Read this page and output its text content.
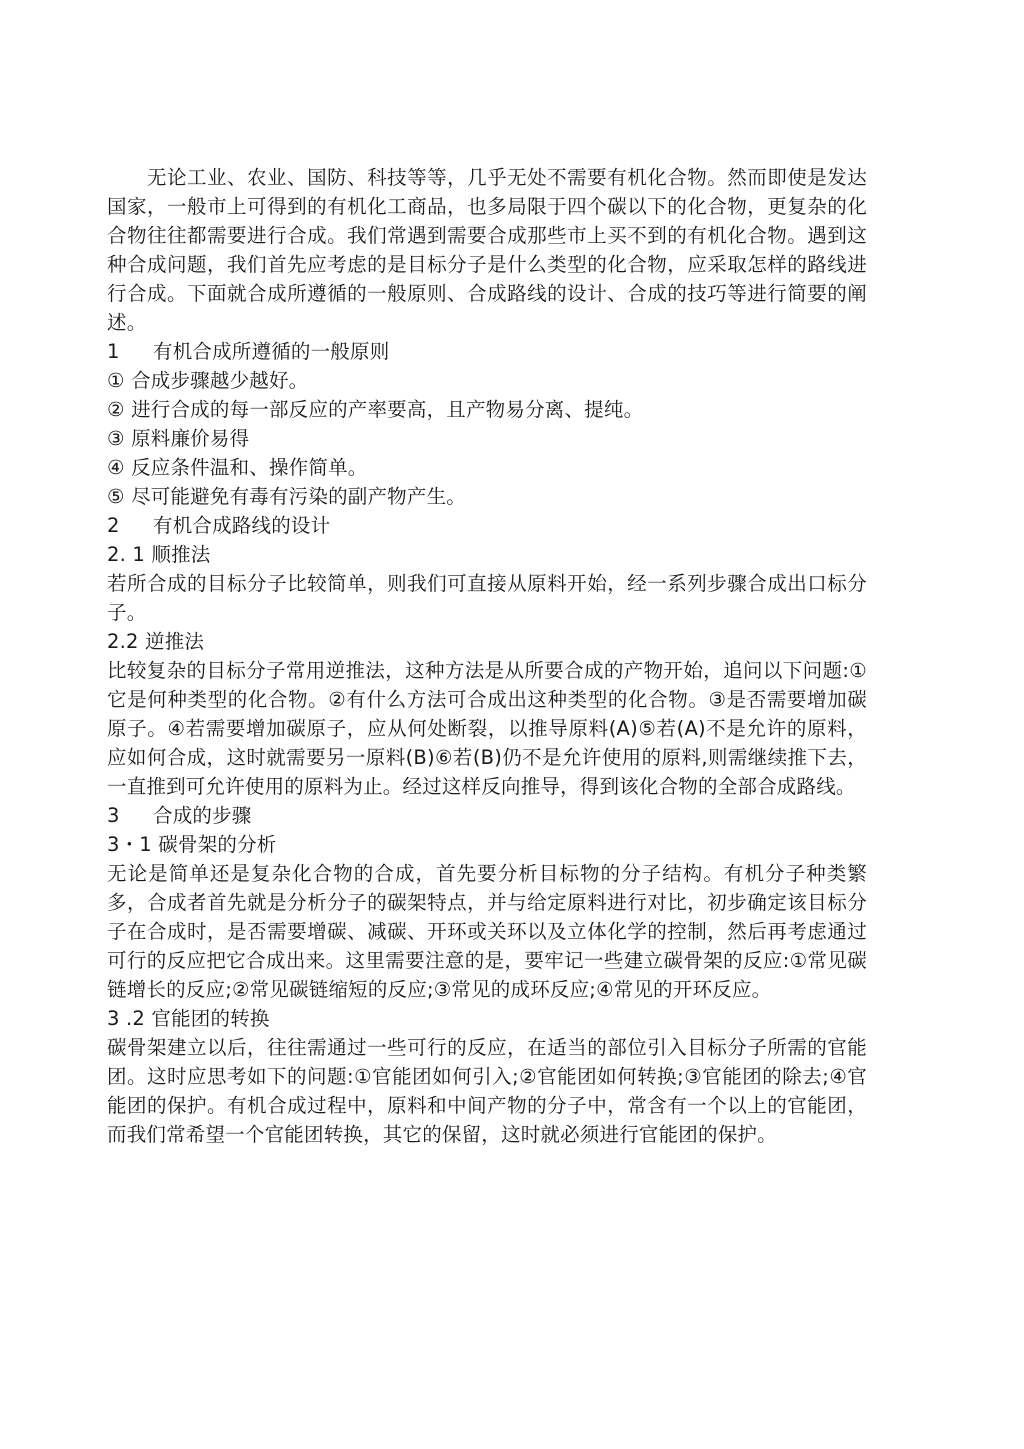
无论工业、农业、国防、科技等等，几乎无处不需要有机化合物。然而即使是发达国家，一般市上可得到的有机化工商品，也多局限于四个碳以下的化合物，更复杂的化合物往往都需要进行合成。我们常遇到需要合成那些市上买不到的有机化合物。遇到这种合成问题，我们首先应考虑的是目标分子是什么类型的化合物，应采取怎样的路线进行合成。下面就合成所遵循的一般原则、合成路线的设计、合成的技巧等进行简要的阐述。

1 有机合成所遵循的一般原则
① 合成步骤越少越好。
② 进行合成的每一部反应的产率要高，且产物易分离、提纯。
③ 原料廉价易得
④ 反应条件温和、操作简单。
⑤ 尽可能避免有毒有污染的副产物产生。
2 有机合成路线的设计
2. 1 顺推法

若所合成的目标分子比较简单，则我们可直接从原料开始，经一系列步骤合成出口标分子。

2.2 逆推法

比较复杂的目标分子常用逆推法，这种方法是从所要合成的产物开始，追问以下问题:①它是何种类型的化合物。②有什么方法可合成出这种类型的化合物。③是否需要增加碳原子。④若需要增加碳原子，应从何处断裂，以推导原料(A)⑤若(A)不是允许的原料，应如何合成，这时就需要另一原料(B)⑥若(B)仍不是允许使用的原料,则需继续推下去，一直推到可允许使用的原料为止。经过这样反向推导，得到该化合物的全部合成路线。

3 合成的步骤
3・1 碳骨架的分析

无论是简单还是复杂化合物的合成，首先要分析目标物的分子结构。有机分子种类繁多，合成者首先就是分析分子的碳架特点，并与给定原料进行对比，初步确定该目标分子在合成时，是否需要增碳、减碳、开环或关环以及立体化学的控制，然后再考虑通过可行的反应把它合成出来。这里需要注意的是，要牢记一些建立碳骨架的反应:①常见碳链增长的反应;②常见碳链缩短的反应;③常见的成环反应;④常见的开环反应。

3 .2 官能团的转换

碳骨架建立以后，往往需通过一些可行的反应，在适当的部位引入目标分子所需的官能团。这时应思考如下的问题:①官能团如何引入;②官能团如何转换;③官能团的除去;④官能团的保护。有机合成过程中，原料和中间产物的分子中，常含有一个以上的官能团，而我们常希望一个官能团转换，其它的保留，这时就必须进行官能团的保护。
